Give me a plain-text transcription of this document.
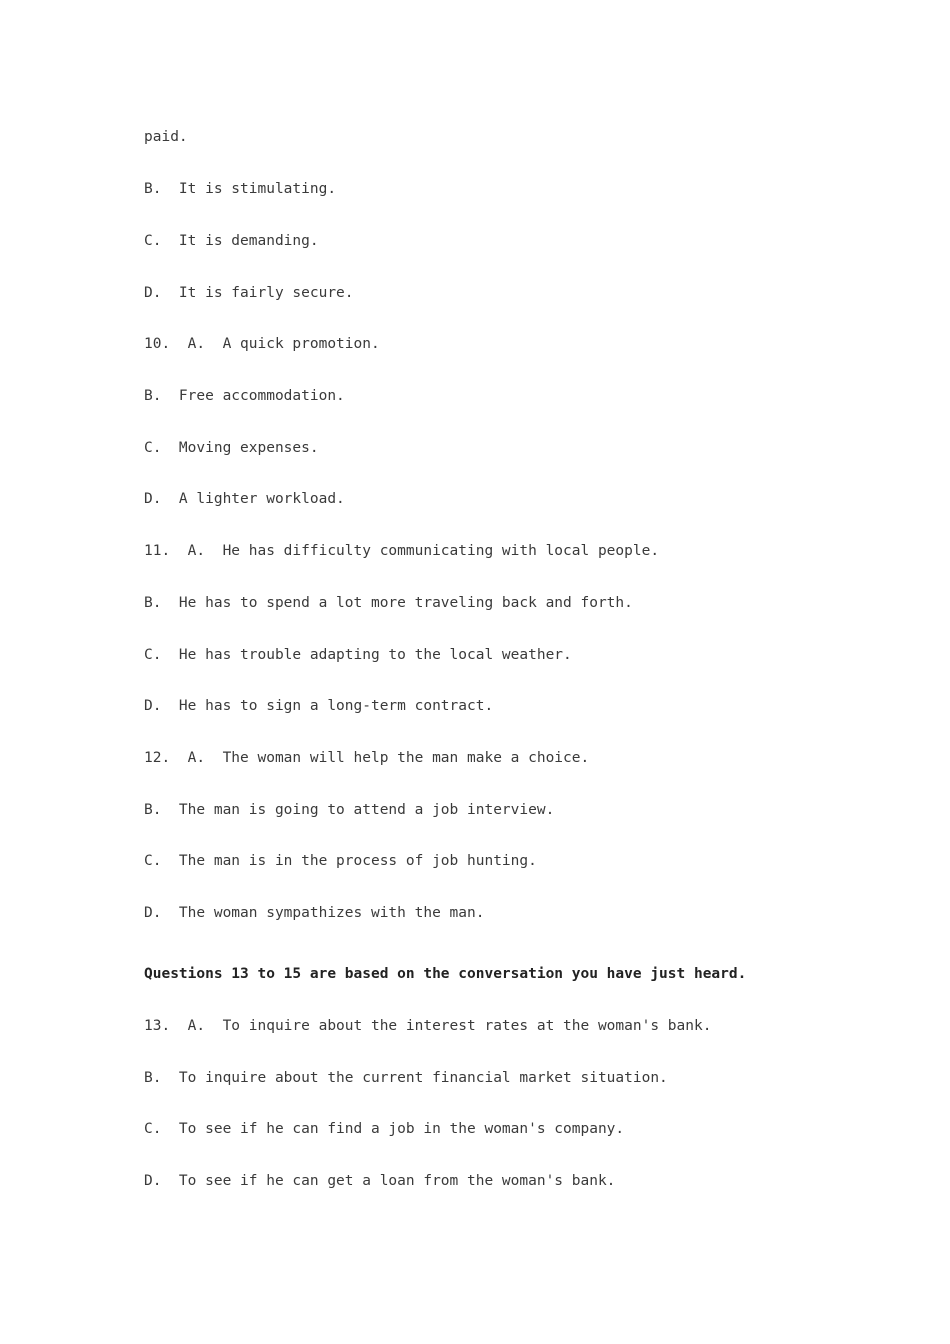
paid.
B.  It is stimulating.
C.  It is demanding.
D.  It is fairly secure.
10.  A.  A quick promotion.
B.  Free accommodation.
C.  Moving expenses.
D.  A lighter workload.
11.  A.  He has difficulty communicating with local people.
B.  He has to spend a lot more traveling back and forth.
C.  He has trouble adapting to the local weather.
D.  He has to sign a long-term contract.
12.  A.  The woman will help the man make a choice.
B.  The man is going to attend a job interview.
C.  The man is in the process of job hunting.
D.  The woman sympathizes with the man.
Questions 13 to 15 are based on the conversation you have just heard.
13.  A.  To inquire about the interest rates at the woman's bank.
B.  To inquire about the current financial market situation.
C.  To see if he can find a job in the woman's company.
D.  To see if he can get a loan from the woman's bank.
